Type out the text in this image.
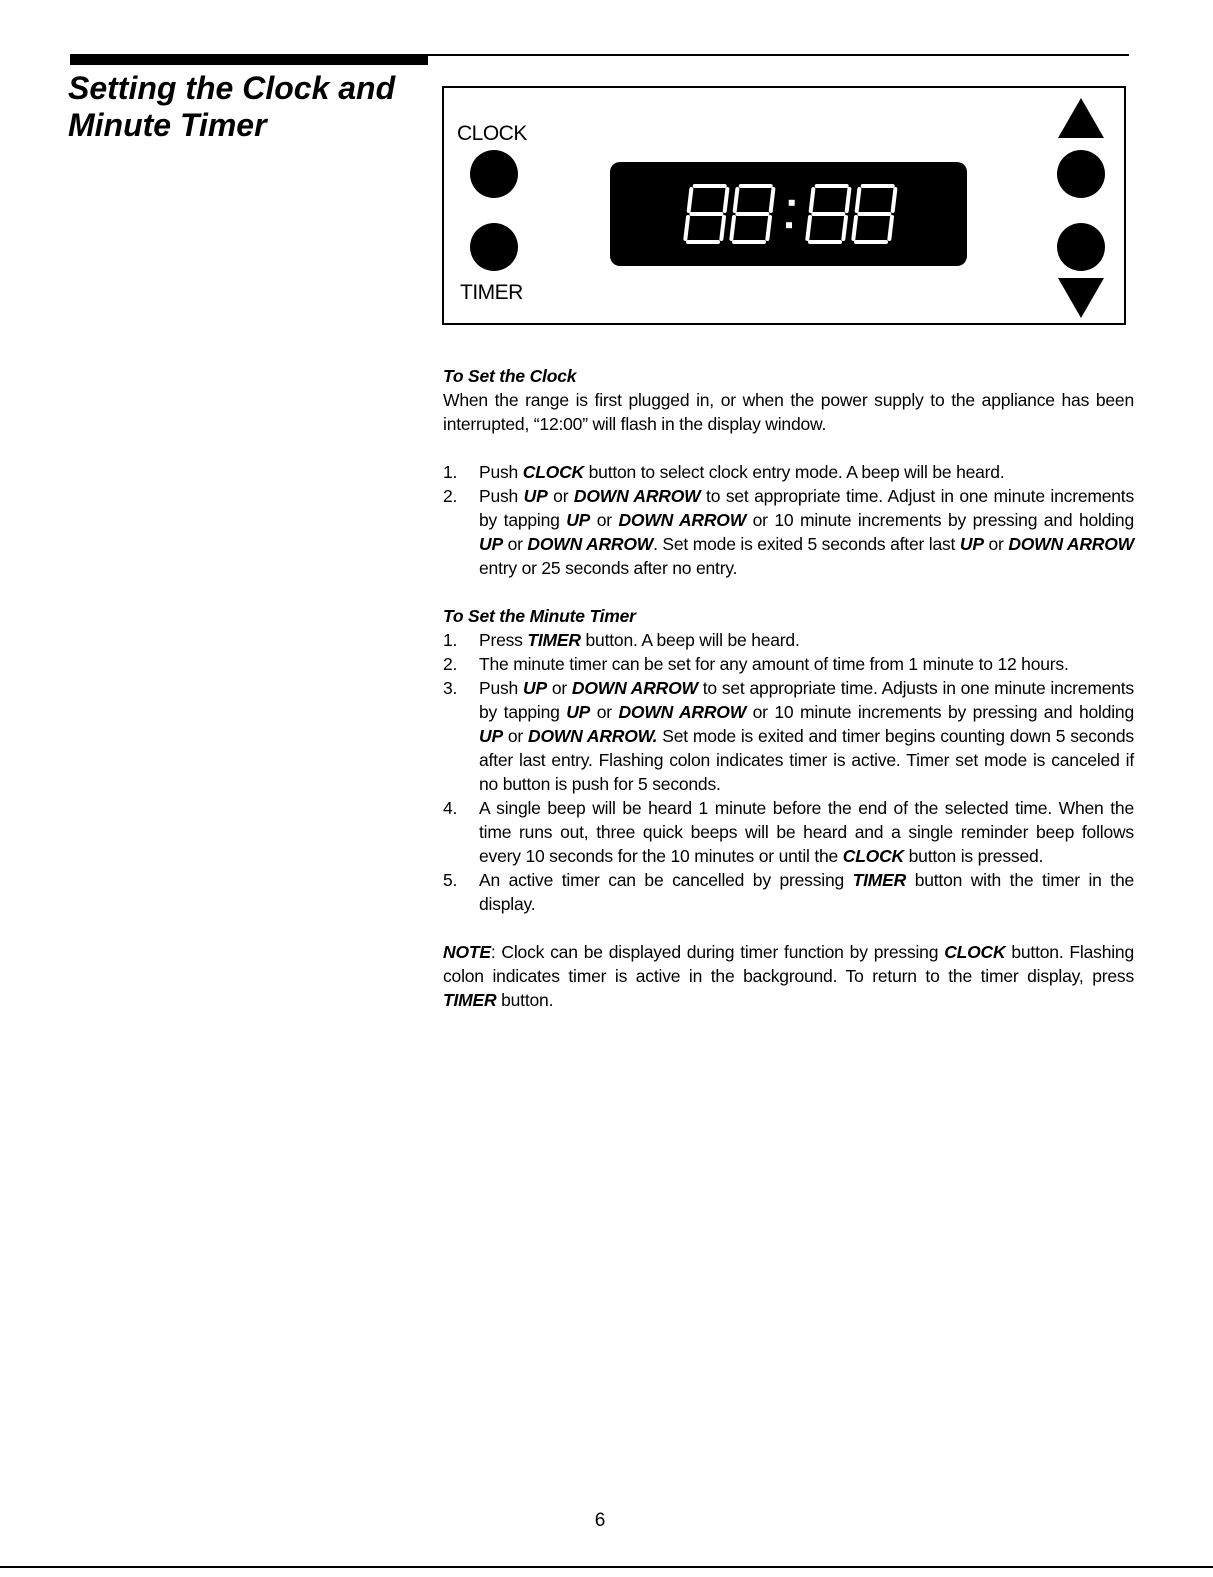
Setting the Clock and
Minute Timer	CLOCK
TIMER
To Set the Clock

When the range is first plugged in, or when the power supply to the appliance has been interrupted, “12:00” will flash in the display window.

1. Push CLOCK button to select clock entry mode. A beep will be heard.
2. Push UP or DOWN ARROW to set appropriate time. Adjust in one minute increments by tapping UP or DOWN ARROW or 10 minute increments by pressing and holding UP or DOWN ARROW. Set mode is exited 5 seconds after last UP or DOWN ARROW entry or 25 seconds after no entry.
To Set the Minute Timer
1. Press TIMER button. A beep will be heard.
2. The minute timer can be set for any amount of time from 1 minute to 12 hours.
3. Push UP or DOWN ARROW to set appropriate time. Adjusts in one minute increments by tapping UP or DOWN ARROW or 10 minute increments by pressing and holding UP or DOWN ARROW. Set mode is exited and timer begins counting down 5 seconds after last entry. Flashing colon indicates timer is active. Timer set mode is canceled if no button is push for 5 seconds.
4. A single beep will be heard 1 minute before the end of the selected time. When the time runs out, three quick beeps will be heard and a single reminder beep follows every 10 seconds for the 10 minutes or until the CLOCK button is pressed.
5. An active timer can be cancelled by pressing TIMER button with the timer in the display.

NOTE: Clock can be displayed during timer function by pressing CLOCK button. Flashing colon indicates timer is active in the background. To return to the timer display, press TIMER button.

6
